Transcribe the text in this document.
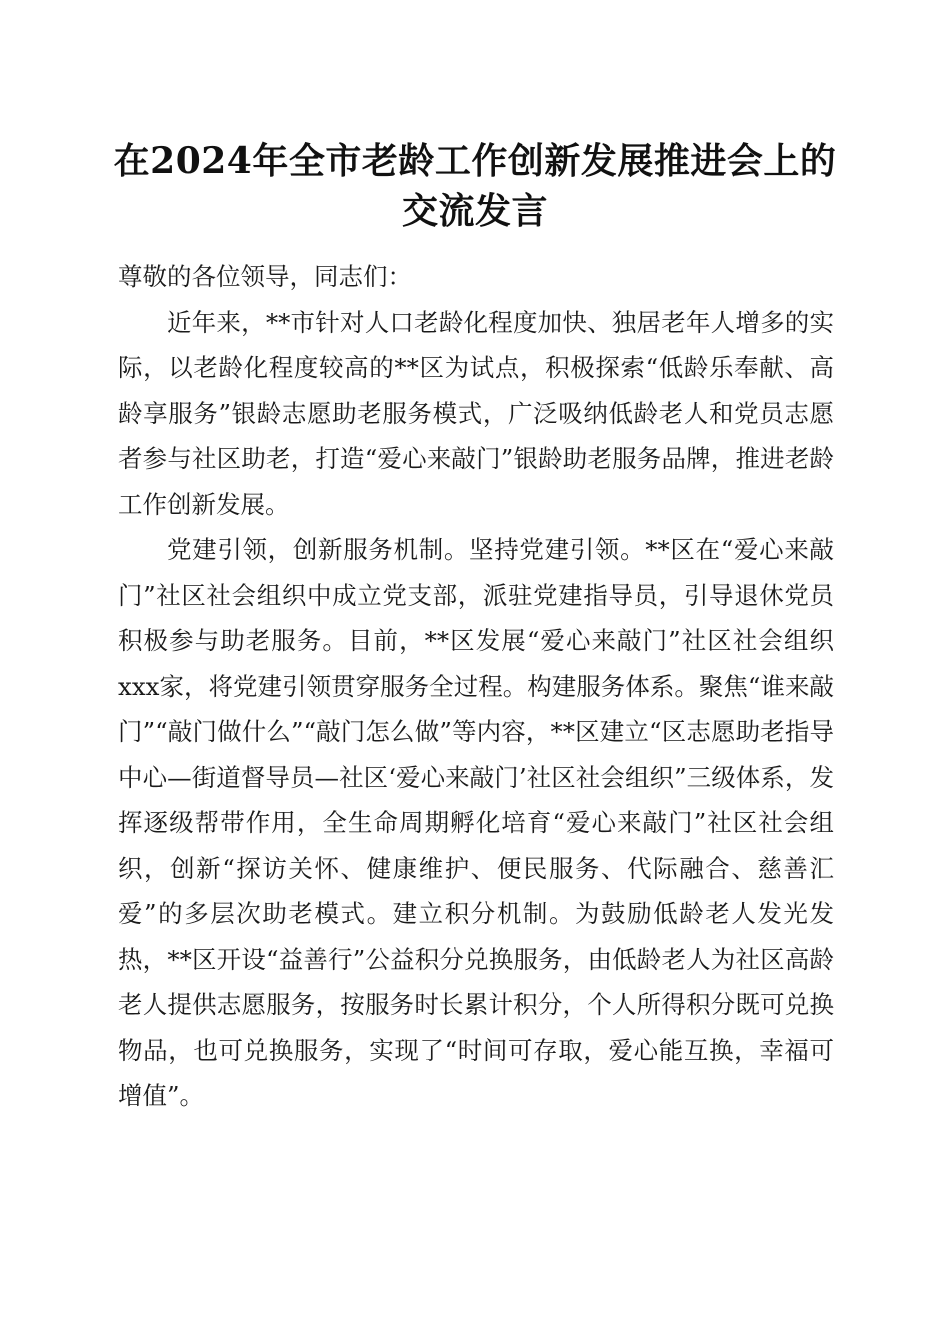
在2024年全市老龄工作创新发展推进会上的
交流发言

尊敬的各位领导，同志们：

近年来，**市针对人口老龄化程度加快、独居老年人增多的实际，以老龄化程度较高的**区为试点，积极探索“低龄乐奉献、高龄享服务”银龄志愿助老服务模式，广泛吸纳低龄老人和党员志愿者参与社区助老，打造“爱心来敲门”银龄助老服务品牌，推进老龄工作创新发展。

党建引领，创新服务机制。坚持党建引领。**区在“爱心来敲门”社区社会组织中成立党支部，派驻党建指导员，引导退休党员积极参与助老服务。目前，**区发展“爱心来敲门”社区社会组织xxx家，将党建引领贯穿服务全过程。构建服务体系。聚焦“谁来敲门”“敲门做什么”“敲门怎么做”等内容，**区建立“区志愿助老指导中心—街道督导员—社区‘爱心来敲门’社区社会组织”三级体系，发挥逐级帮带作用，全生命周期孵化培育“爱心来敲门”社区社会组织，创新“探访关怀、健康维护、便民服务、代际融合、慈善汇爱”的多层次助老模式。建立积分机制。为鼓励低龄老人发光发热，**区开设“益善行”公益积分兑换服务，由低龄老人为社区高龄老人提供志愿服务，按服务时长累计积分，个人所得积分既可兑换物品，也可兑换服务，实现了“时间可存取，爱心能互换，幸福可增值”。
